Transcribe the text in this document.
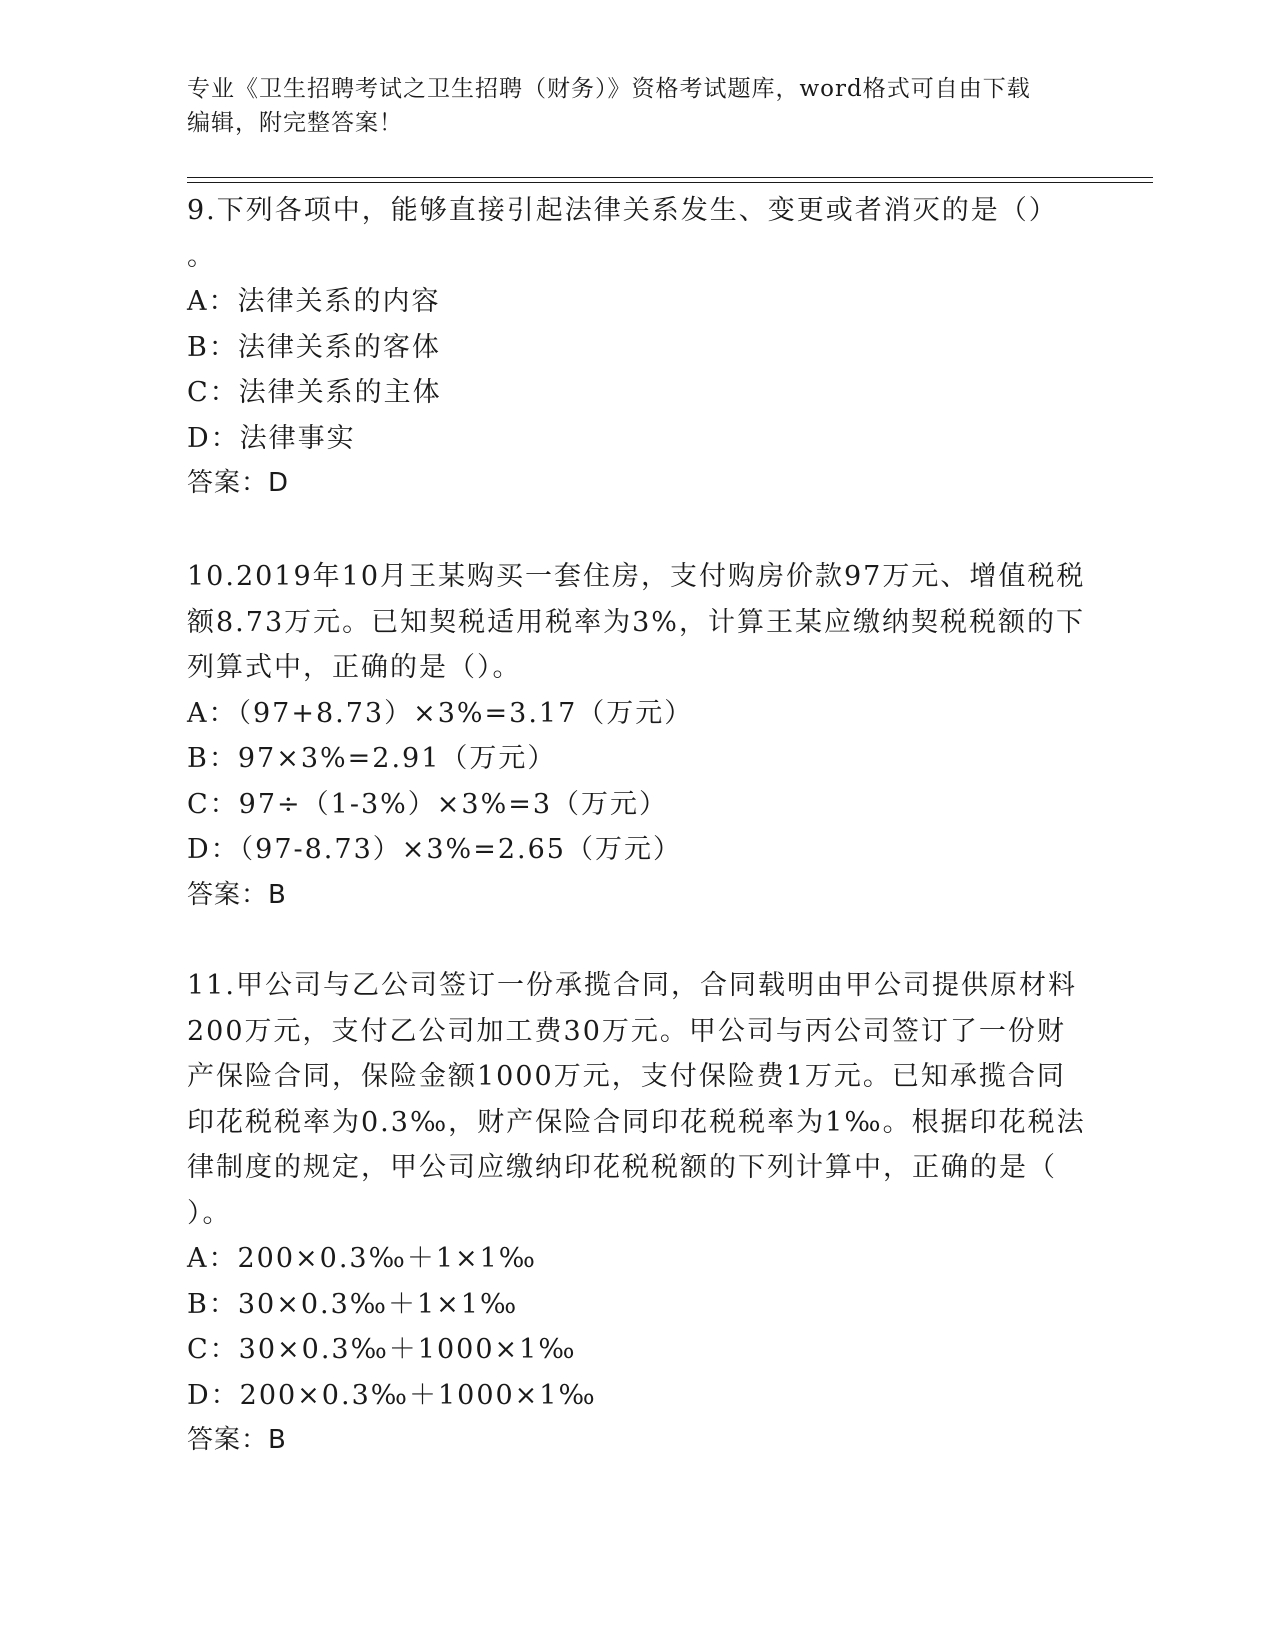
专业《卫生招聘考试之卫生招聘（财务）》资格考试题库，word格式可自由下载
编辑，附完整答案！
9.下列各项中，能够直接引起法律关系发生、变更或者消灭的是（）
。
A：法律关系的内容
B：法律关系的客体
C：法律关系的主体
D：法律事实
答案：D
10.2019年10月王某购买一套住房，支付购房价款97万元、增值税税
额8.73万元。已知契税适用税率为3%，计算王某应缴纳契税税额的下
列算式中，正确的是（）。
A：（97+8.73）×3%=3.17（万元）
B：97×3%=2.91（万元）
C：97÷（1-3%）×3%=3（万元）
D：（97-8.73）×3%=2.65（万元）
答案：B
11.甲公司与乙公司签订一份承揽合同，合同载明由甲公司提供原材料
200万元，支付乙公司加工费30万元。甲公司与丙公司签订了一份财
产保险合同，保险金额1000万元，支付保险费1万元。已知承揽合同
印花税税率为0.3‰，财产保险合同印花税税率为1‰。根据印花税法
律制度的规定，甲公司应缴纳印花税税额的下列计算中，正确的是（
）。
A：200×0.3‰＋1×1‰
B：30×0.3‰＋1×1‰
C：30×0.3‰＋1000×1‰
D：200×0.3‰＋1000×1‰
答案：B
